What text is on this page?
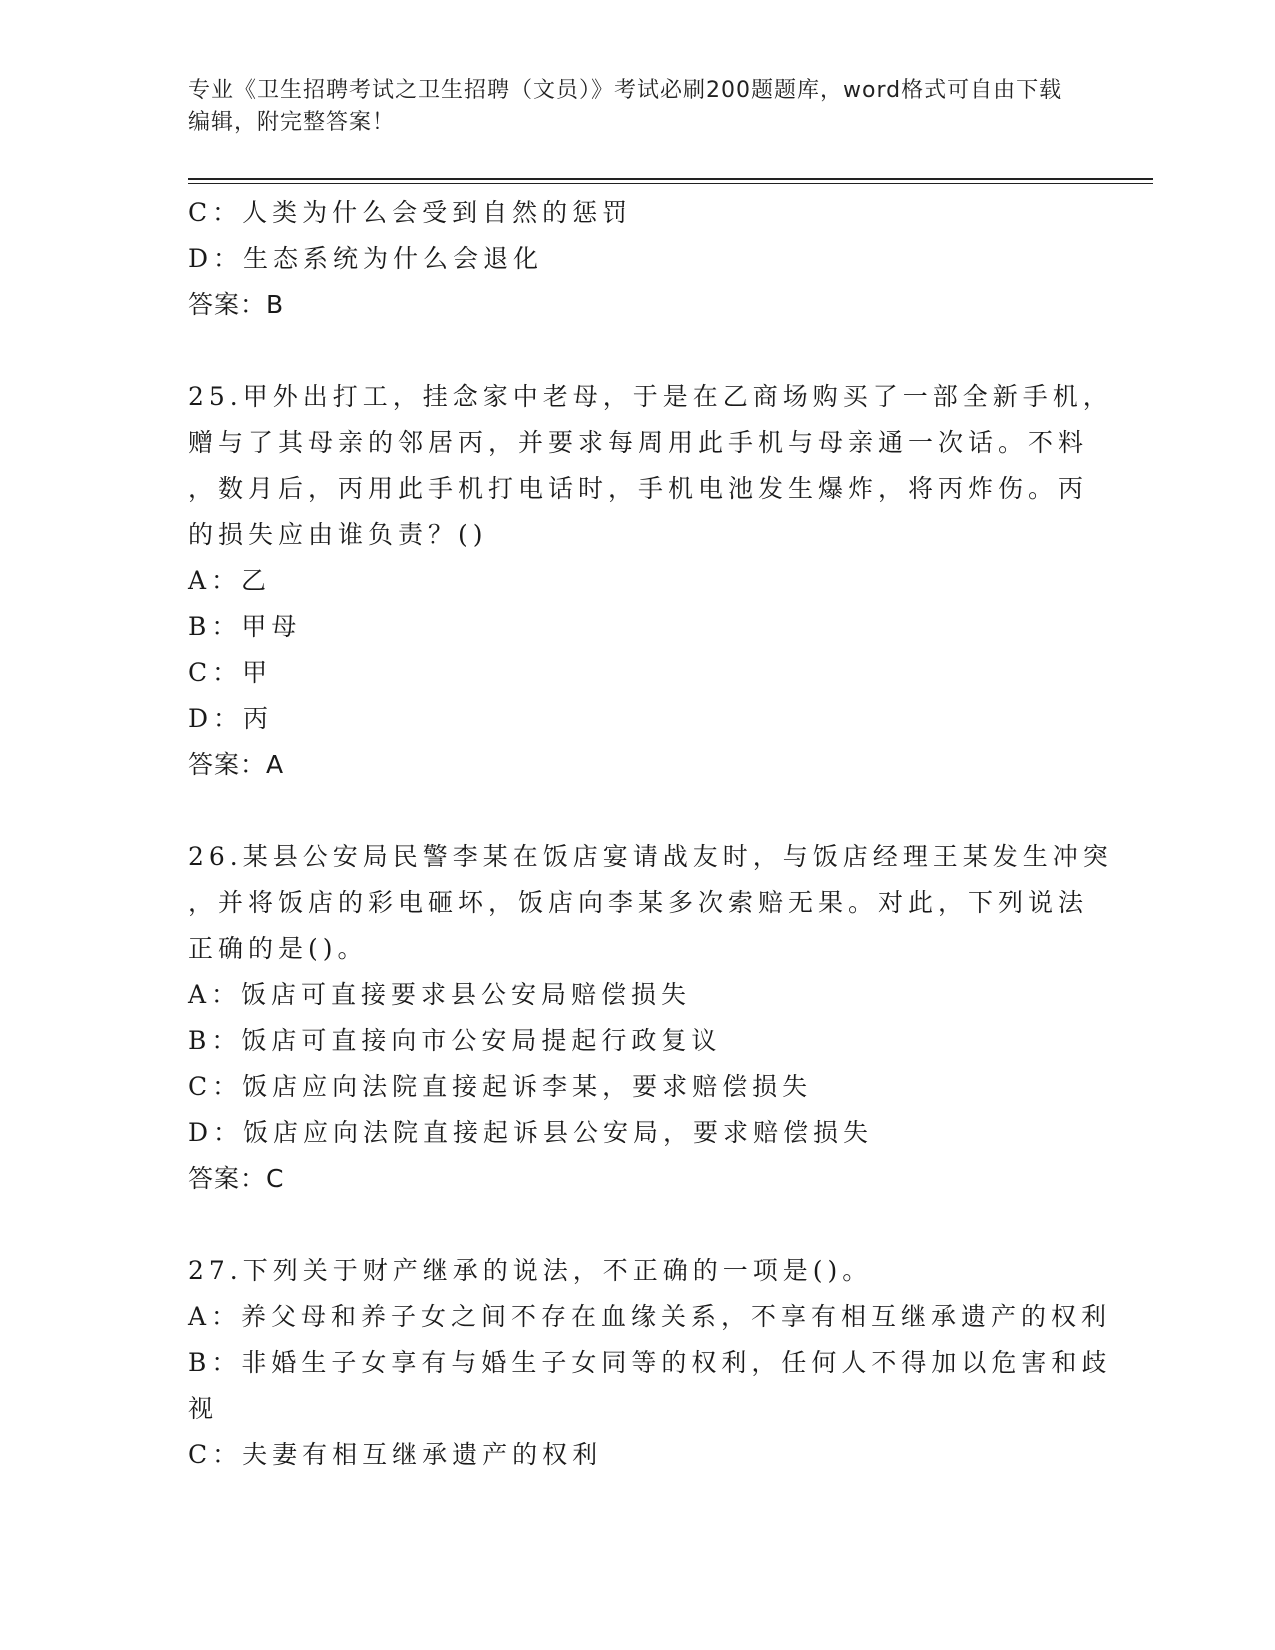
专业《卫生招聘考试之卫生招聘（文员）》考试必刷200题题库，word格式可自由下载编辑，附完整答案！
C：人类为什么会受到自然的惩罚
D：生态系统为什么会退化
答案：B
25.甲外出打工，挂念家中老母，于是在乙商场购买了一部全新手机，
赠与了其母亲的邻居丙，并要求每周用此手机与母亲通一次话。不料
，数月后，丙用此手机打电话时，手机电池发生爆炸，将丙炸伤。丙
的损失应由谁负责？()
A：乙
B：甲母
C：甲
D：丙
答案：A
26.某县公安局民警李某在饭店宴请战友时，与饭店经理王某发生冲突
，并将饭店的彩电砸坏，饭店向李某多次索赔无果。对此，下列说法
正确的是()。
A：饭店可直接要求县公安局赔偿损失
B：饭店可直接向市公安局提起行政复议
C：饭店应向法院直接起诉李某，要求赔偿损失
D：饭店应向法院直接起诉县公安局，要求赔偿损失
答案：C
27.下列关于财产继承的说法，不正确的一项是()。
A：养父母和养子女之间不存在血缘关系，不享有相互继承遗产的权利
B：非婚生子女享有与婚生子女同等的权利，任何人不得加以危害和歧
视
C：夫妻有相互继承遗产的权利
